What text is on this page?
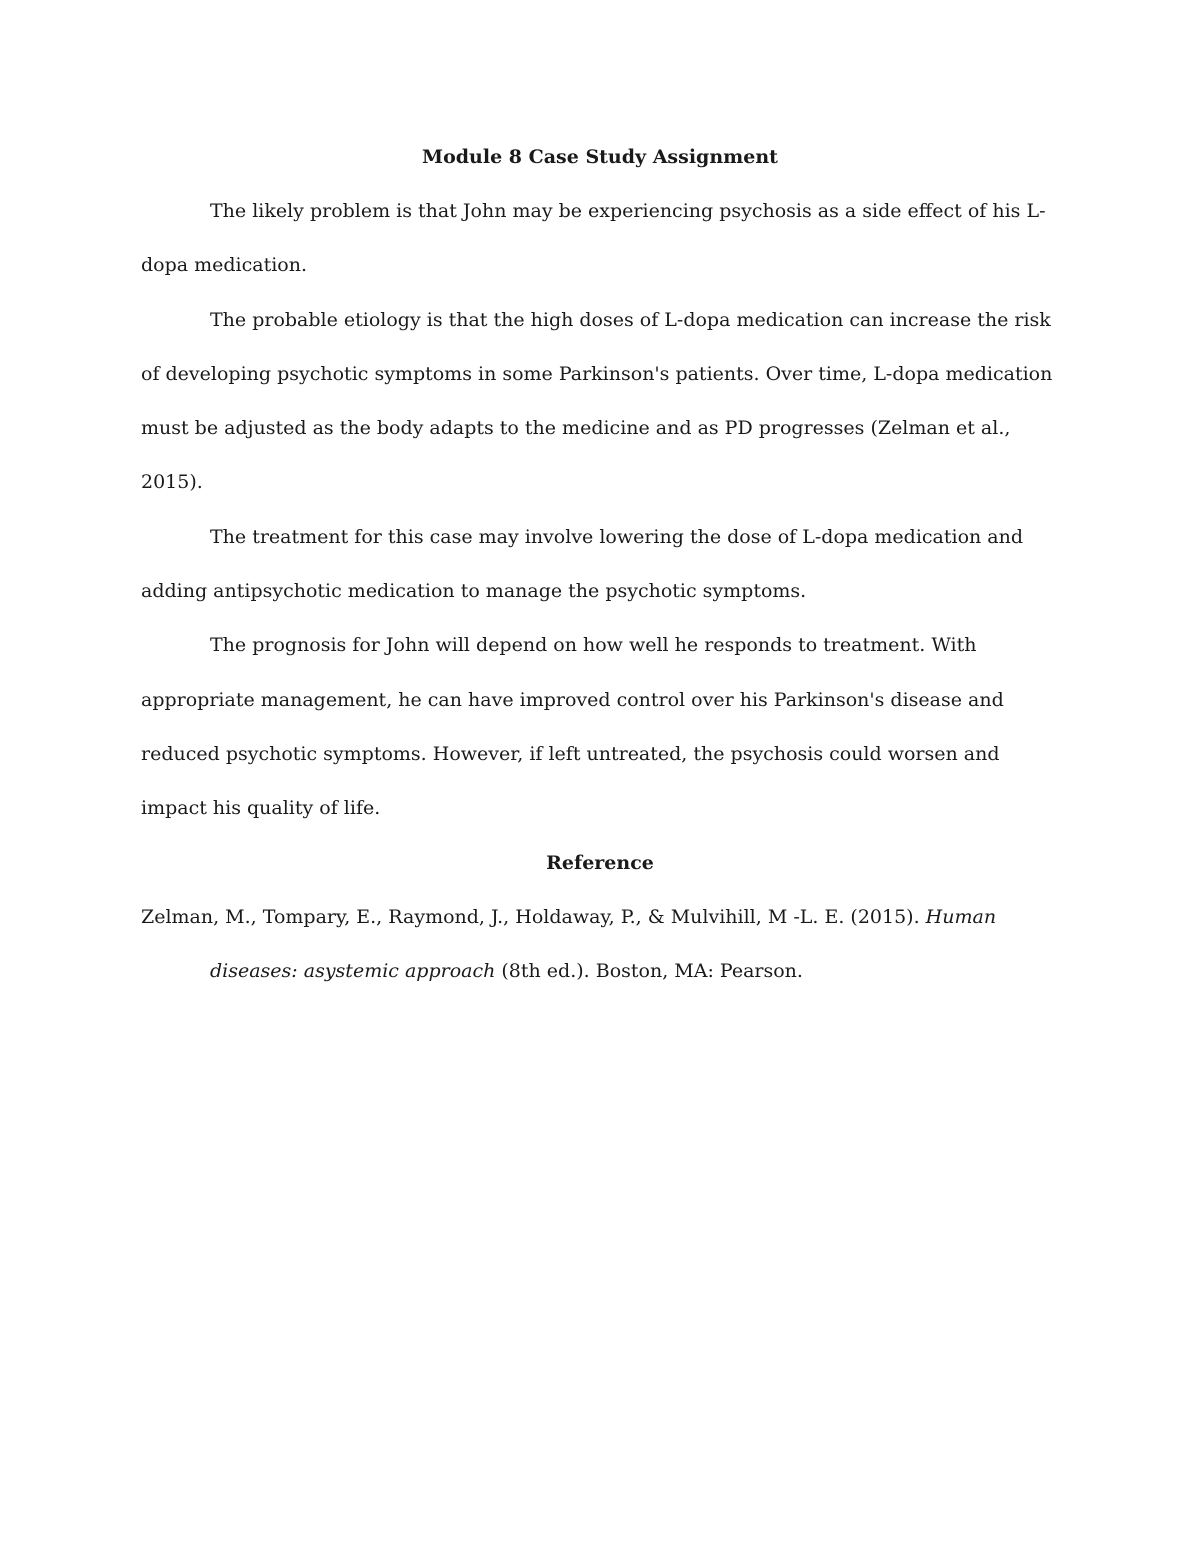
Module 8 Case Study Assignment

The likely problem is that John may be experiencing psychosis as a side effect of his L-dopa medication.

The probable etiology is that the high doses of L-dopa medication can increase the risk of developing psychotic symptoms in some Parkinson's patients. Over time, L-dopa medication must be adjusted as the body adapts to the medicine and as PD progresses (Zelman et al., 2015).

The treatment for this case may involve lowering the dose of L-dopa medication and adding antipsychotic medication to manage the psychotic symptoms.

The prognosis for John will depend on how well he responds to treatment. With appropriate management, he can have improved control over his Parkinson's disease and reduced psychotic symptoms. However, if left untreated, the psychosis could worsen and impact his quality of life.

Reference

Zelman, M., Tompary, E., Raymond, J., Holdaway, P., & Mulvihill, M -L. E. (2015). Human diseases: asystemic approach (8th ed.). Boston, MA: Pearson.
